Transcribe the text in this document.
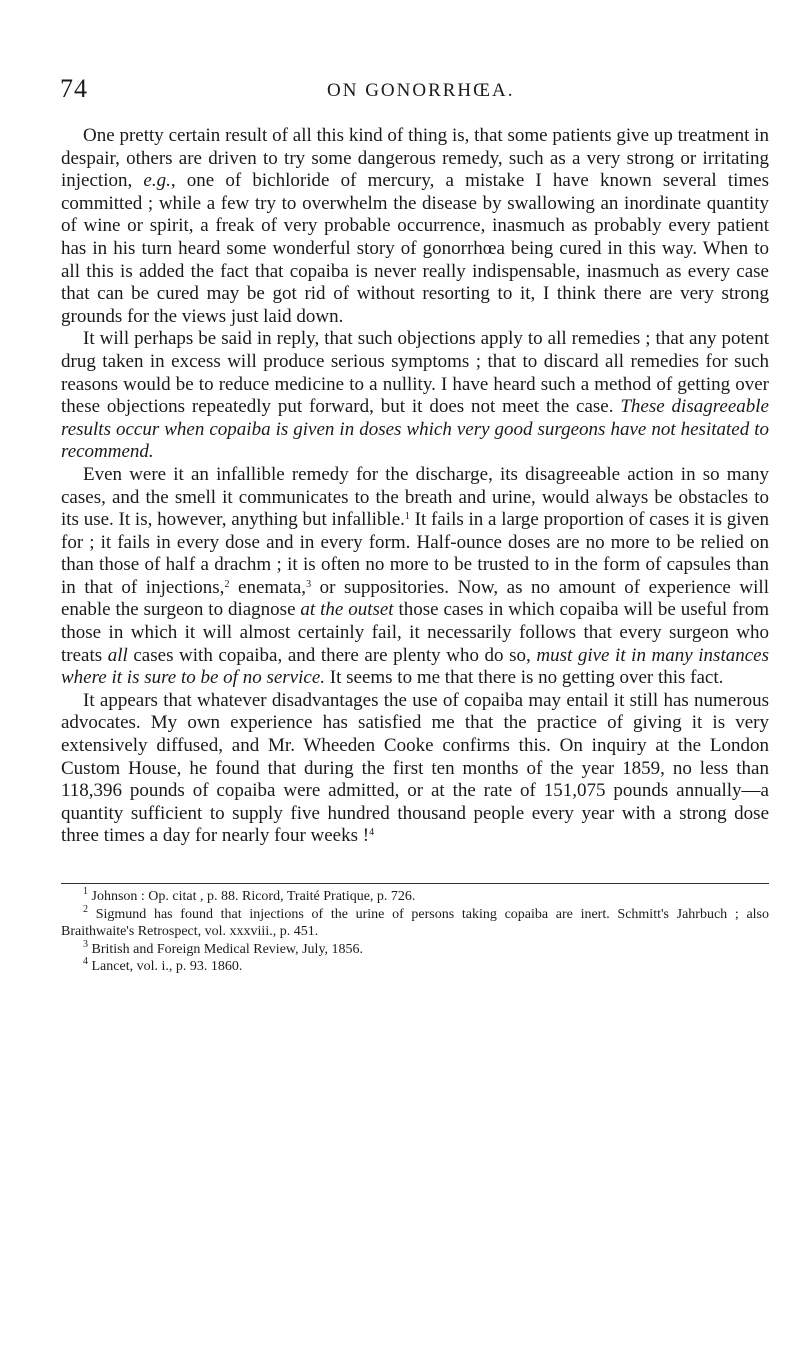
74	ON GONORRHŒA.

One pretty certain result of all this kind of thing is, that some patients give up treatment in despair, others are driven to try some dangerous remedy, such as a very strong or irritating injection, e.g., one of bichloride of mercury, a mistake I have known several times committed ; while a few try to overwhelm the disease by swallowing an inordinate quantity of wine or spirit, a freak of very probable occurrence, inasmuch as probably every patient has in his turn heard some wonderful story of gonorrhœa being cured in this way. When to all this is added the fact that copaiba is never really indispensable, inasmuch as every case that can be cured may be got rid of without resorting to it, I think there are very strong grounds for the views just laid down.

It will perhaps be said in reply, that such objections apply to all remedies ; that any potent drug taken in excess will produce serious symptoms ; that to discard all remedies for such reasons would be to reduce medicine to a nullity. I have heard such a method of getting over these objections repeatedly put forward, but it does not meet the case. These disagreeable results occur when copaiba is given in doses which very good surgeons have not hesitated to recommend.

Even were it an infallible remedy for the discharge, its disagreeable action in so many cases, and the smell it communicates to the breath and urine, would always be obstacles to its use. It is, however, anything but infallible.$^1$ It fails in a large proportion of cases it is given for ; it fails in every dose and in every form. Half-ounce doses are no more to be relied on than those of half a drachm ; it is often no more to be trusted to in the form of capsules than in that of injections,$^2$ enemata,$^3$ or suppositories. Now, as no amount of experience will enable the surgeon to diagnose at the outset those cases in which copaiba will be useful from those in which it will almost certainly fail, it necessarily follows that every surgeon who treats all cases with copaiba, and there are plenty who do so, must give it in many instances where it is sure to be of no service. It seems to me that there is no getting over this fact.

It appears that whatever disadvantages the use of copaiba may entail it still has numerous advocates. My own experience has satisfied me that the practice of giving it is very extensively diffused, and Mr. Wheeden Cooke confirms this. On inquiry at the London Custom House, he found that during the first ten months of the year 1859, no less than 118,396 pounds of copaiba were admitted, or at the rate of 151,075 pounds annually—a quantity sufficient to supply five hundred thousand people every year with a strong dose three times a day for nearly four weeks !$^4$

$^1$ Johnson : Op. citat , p. 88. Ricord, Traité Pratique, p. 726.

$^2$ Sigmund has found that injections of the urine of persons taking copaiba are inert. Schmitt's Jahrbuch ; also Braithwaite's Retrospect, vol. xxxviii., p. 451.

$^3$ British and Foreign Medical Review, July, 1856.

$^4$ Lancet, vol. i., p. 93. 1860.
